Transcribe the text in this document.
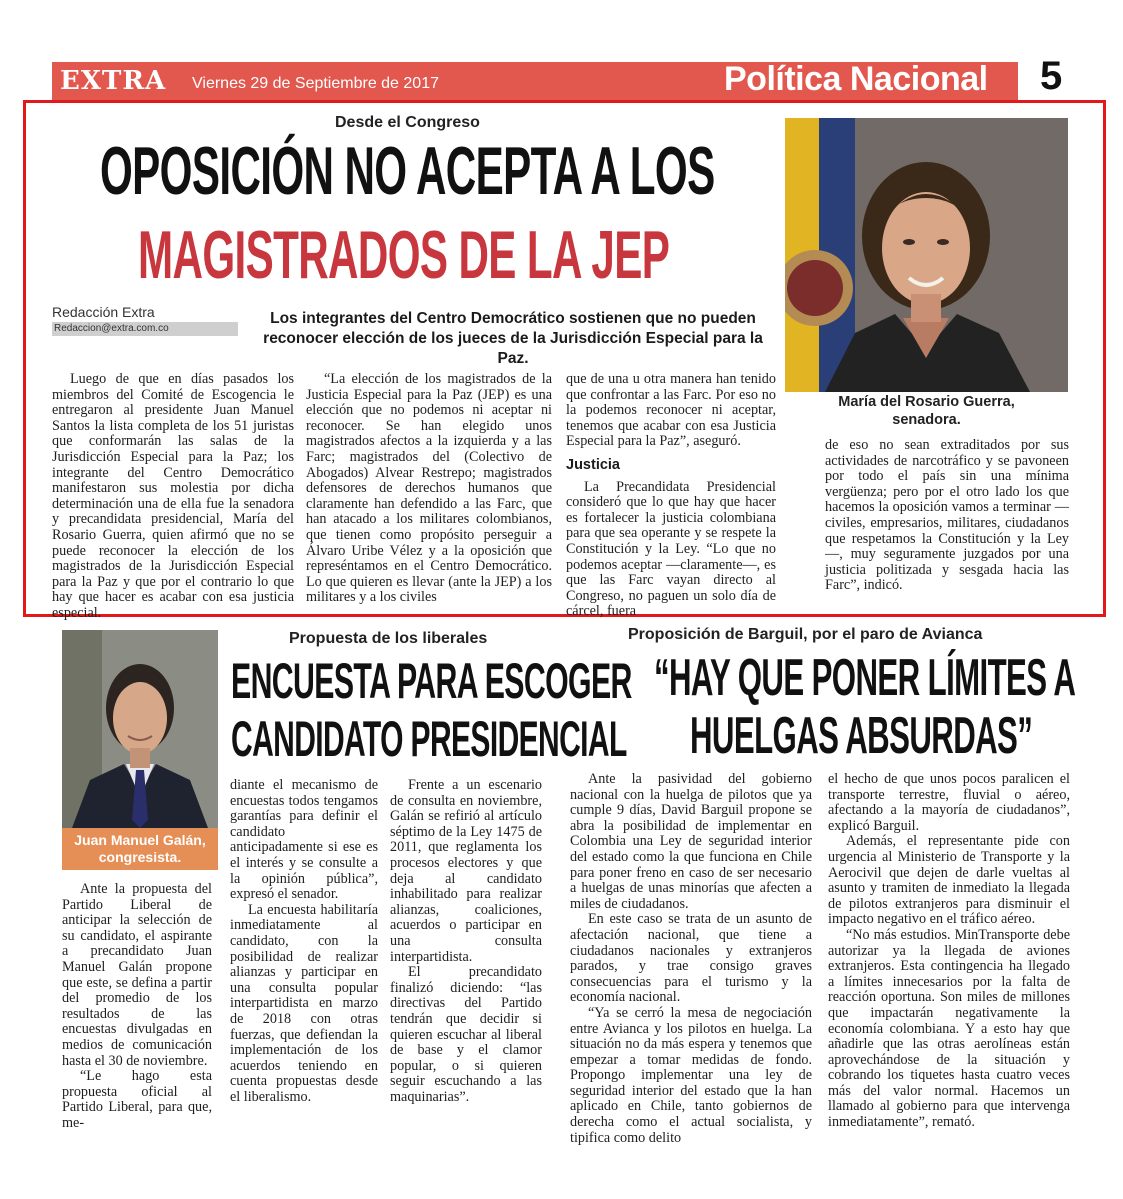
EXTRA Viernes 29 de Septiembre de 2017	Política Nacional 5
Desde el Congreso
OPOSICIÓN NO ACEPTA A LOS
MAGISTRADOS DE LA JEP
Redacción Extra
Redaccion@extra.com.co
Los integrantes del Centro Democrático sostienen que no pueden reconocer elección de los jueces de la Jurisdicción Especial para la Paz.

Luego de que en días pasados los miembros del Comité de Escogencia le entregaron al presidente Juan Manuel Santos la lista completa de los 51 juristas que conformarán las salas de la Jurisdicción Especial para la Paz; los integrante del Centro Democrático manifestaron sus molestia por dicha determinación una de ella fue la senadora y precandidata presidencial, María del Rosario Guerra, quien afirmó que no se puede reconocer la elección de los magistrados de la Jurisdicción Especial para la Paz y que por el contrario lo que hay que hacer es acabar con esa justicia especial.

“La elección de los magistrados de la Justicia Especial para la Paz (JEP) es una elección que no podemos ni aceptar ni reconocer. Se han elegido unos magistrados afectos a la izquierda y a las Farc; magistrados del (Colectivo de Abogados) Alvear Restrepo; magistrados defensores de derechos humanos que claramente han defendido a las Farc, que han atacado a los militares colombianos, que tienen como propósito perseguir a Álvaro Uribe Vélez y a la oposición que represéntamos en el Centro Democrático. Lo que quieren es llevar (ante la JEP) a los militares y a los civiles

que de una u otra manera han tenido que confrontar a las Farc. Por eso no la podemos reconocer ni aceptar, tenemos que acabar con esa Justicia Especial para la Paz”, aseguró.

Justicia

La Precandidata Presidencial consideró que lo que hay que hacer es fortalecer la justicia colombiana para que sea operante y se respete la Constitución y la Ley. “Lo que no podemos aceptar —claramente—, es que las Farc vayan directo al Congreso, no paguen un solo día de cárcel, fuera

de eso no sean extraditados por sus actividades de narcotráfico y se pavoneen por todo el país sin una mínima vergüenza; pero por el otro lado los que hacemos la oposición vamos a terminar —civiles, empresarios, militares, ciudadanos que respetamos la Constitución y la Ley—, muy seguramente juzgados por una justicia politizada y sesgada hacia las Farc”, indicó.

María del Rosario Guerra,
senadora.
Juan Manuel Galán,
congresista.
Propuesta de los liberales
ENCUESTA PARA ESCOGER
CANDIDATO PRESIDENCIAL

Ante la propuesta del Partido Liberal de anticipar la selección de su candidato, el aspirante a precandidato Juan Manuel Galán propone que este, se defina a partir del promedio de los resultados de las encuestas divulgadas en medios de comunicación hasta el 30 de noviembre.

“Le hago esta propuesta oficial al Partido Liberal, para que, me-

diante el mecanismo de encuestas todos tengamos garantías para definir el candidato anticipadamente si ese es el interés y se consulte a la opinión pública”, expresó el senador.

La encuesta habilitaría inmediatamente al candidato, con la posibilidad de realizar alianzas y participar en una consulta popular interpartidista en marzo de 2018 con otras fuerzas, que defiendan la implementación de los acuerdos teniendo en cuenta propuestas desde el liberalismo.

Frente a un escenario de consulta en noviembre, Galán se refirió al artículo séptimo de la Ley 1475 de 2011, que reglamenta los procesos electores y que deja al candidato inhabilitado para realizar alianzas, coaliciones, acuerdos o participar en una consulta interpartidista.

El precandidato finalizó diciendo: “las directivas del Partido tendrán que decidir si quieren escuchar al liberal de base y el clamor popular, o si quieren seguir escuchando a las maquinarias”.

Proposición de Barguil, por el paro de Avianca
“HAY QUE PONER LÍMITES A
HUELGAS ABSURDAS”

Ante la pasividad del gobierno nacional con la huelga de pilotos que ya cumple 9 días, David Barguil propone se abra la posibilidad de implementar en Colombia una Ley de seguridad interior del estado como la que funciona en Chile para poner freno en caso de ser necesario a huelgas de unas minorías que afecten a miles de ciudadanos.

En este caso se trata de un asunto de afectación nacional, que tiene a ciudadanos nacionales y extranjeros parados, y trae consigo graves consecuencias para el turismo y la economía nacional.

“Ya se cerró la mesa de negociación entre Avianca y los pilotos en huelga. La situación no da más espera y tenemos que empezar a tomar medidas de fondo. Propongo implementar una ley de seguridad interior del estado que la han aplicado en Chile, tanto gobiernos de derecha como el actual socialista, y tipifica como delito

el hecho de que unos pocos paralicen el transporte terrestre, fluvial o aéreo, afectando a la mayoría de ciudadanos”, explicó Barguil.

Además, el representante pide con urgencia al Ministerio de Transporte y la Aerocivil que dejen de darle vueltas al asunto y tramiten de inmediato la llegada de pilotos extranjeros para disminuir el impacto negativo en el tráfico aéreo.

“No más estudios. MinTransporte debe autorizar ya la llegada de aviones extranjeros. Esta contingencia ha llegado a límites innecesarios por la falta de reacción oportuna. Son miles de millones que impactarán negativamente la economía colombiana. Y a esto hay que añadirle que las otras aerolíneas están aprovechándose de la situación y cobrando los tiquetes hasta cuatro veces más del valor normal. Hacemos un llamado al gobierno para que intervenga inmediatamente”, remató.
